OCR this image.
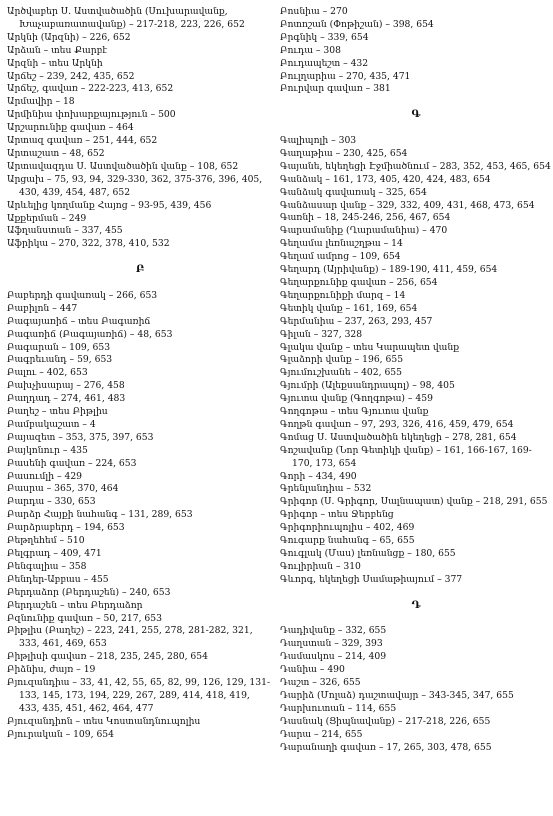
Արծվաբեր Ս. Աստվածածին (Սուխարավանք, Խաչաբառատավանք) – 217-218, 223, 226, 652
Արկնի (Արզնի) – 226, 652
Արձան – տես Քարբէ
Արզնի – տես Արկնի
Արճեշ – 239, 242, 435, 652
Արճեշ, գավառ – 222-223, 413, 652
Արմավիր – 18
Արմինիա փոխարքայություն – 500
Արշարունիք գավառ – 464
Արտազ գավառ – 251, 444, 652
Արտաշատ – 48, 652
Արտավազդա Ս. Աստվածածին վանք – 108, 652
Արցախ – 75, 93, 94, 329-330, 362, 375-376, 396, 405, 430, 439, 454, 487, 652
Արևելից կողմանք Հայոց – 93-95, 439, 456
Աքքերման – 249
Աֆղանստան – 337, 455
Աֆրիկա – 270, 322, 378, 410, 532
Բ
Բաբերդի գավառակ – 266, 653
Բաբիլոն – 447
Բագայառիճ – տես Բագառիճ
Բագառիճ (Բագայառիճ) – 48, 653
Բագարան – 109, 653
Բագրեւանդ – 59, 653
Բալու – 402, 653
Բախչիսարայ – 276, 458
Բաղդադ – 274, 461, 483
Բաղեշ – տես Բիթլիս
Բամբակաշատ – 4
Բայազետ – 353, 375, 397, 653
Բայկոնուր – 435
Բասենի գավառ – 224, 653
Բասումլի – 429
Բասրա – 365, 370, 464
Բարդա – 330, 653
Բարձր Հայքի նահանգ – 131, 289, 653
Բարձրաբերդ – 194, 653
Բեթղեհեմ – 510
Բելգրադ – 409, 471
Բենգալիա – 358
Բենդեր-Աբբաս – 455
Բերդաձոր (Բերդաշեն) – 240, 653
Բերդաշեն – տես Բերդաձոր
Բզնունիք գավառ – 50, 217, 653
Բիթլիս (Բաղեշ) – 223, 241, 255, 278, 281-282, 321, 333, 461, 469, 653
Բիթլիսի գավառ – 218, 235, 245, 280, 654
Բիձնիս, ժայռ – 19
Բյուզանդիա – 33, 41, 42, 55, 65, 82, 99, 126, 129, 131-133, 145, 173, 194, 229, 267, 289, 414, 418, 419, 433, 435, 451, 462, 464, 477
Բյուզանդիոն – տես Կոստանդնուպոլիս
Բյուրական – 109, 654
Բոսնիա – 270
Բոտոշան (Փոթիշան) – 398, 654
Բրգնիկ – 339, 654
Բուդա – 308
Բուդապեշտ – 432
Բուլղարիա – 270, 435, 471
Բուրվար գավառ – 381
Գ
Գալիպոլի – 303
Գաղաթիա – 230, 425, 654
Գայանե, եկեղեցի Էջմիածնում – 283, 352, 453, 465, 654
Գանձակ – 161, 173, 405, 420, 424, 483, 654
Գանձակ գավառակ – 325, 654
Գանձասար վանք – 329, 332, 409, 431, 468, 473, 654
Գառնի – 18, 245-246, 256, 467, 654
Գարամանիք (Ղարամանիա) – 470
Գեղամա լեռնաշղթա – 14
Գեղամ ամրոց – 109, 654
Գեղարդ (Այրիվանք) – 189-190, 411, 459, 654
Գեղարքունիք գավառ – 256, 654
Գեղարքունիքի մարզ – 14
Գետիկ վանք – 161, 169, 654
Գերմանիա – 237, 263, 293, 457
Գիլան – 327, 328
Գլակա վանք – տես Կարապետ վանք
Գլաձորի վանք – 196, 655
Գյումուշխանե – 402, 655
Գյումրի (Ալեքսանդրապոլ) – 98, 405
Գյուտա վանք (Գողգոթա) – 459
Գողգոթա – տես Գյուտա վանք
Գողթն գավառ – 97, 293, 326, 416, 459, 479, 654
Գոմաց Ս. Աստվածածին եկեղեցի – 278, 281, 654
Գոշավանք (Նոր Գետիկի վանք) – 161, 166-167, 169-170, 173, 654
Գորի – 434, 490
Գրենլանդիա – 532
Գրիգոր (Ս. Գրիգոր, Սալնապատ) վանք – 218, 291, 655
Գրիգոր – տես Ջերբենց
Գրիգորիուպոլիս – 402, 469
Գուգարք նահանգ – 65, 655
Գուգլակ (Մաս) լեռնանցք – 180, 655
Գուլիրիան – 310
Գևորգ, եկեղեցի Սամաթիայում – 377
Դ
Դադիվանք – 332, 655
Դաղստան – 329, 393
Դամասկոս – 214, 409
Դանիա – 490
Դաշտ – 326, 655
Դարիձ (Մոլաձ) դաշտավայր – 343-345, 347, 655
Դարխուտան – 114, 655
Դասնակ (Ցիպնավանք) – 217-218, 226, 655
Դարա – 214, 655
Դարանաղի գավառ – 17, 265, 303, 478, 655
